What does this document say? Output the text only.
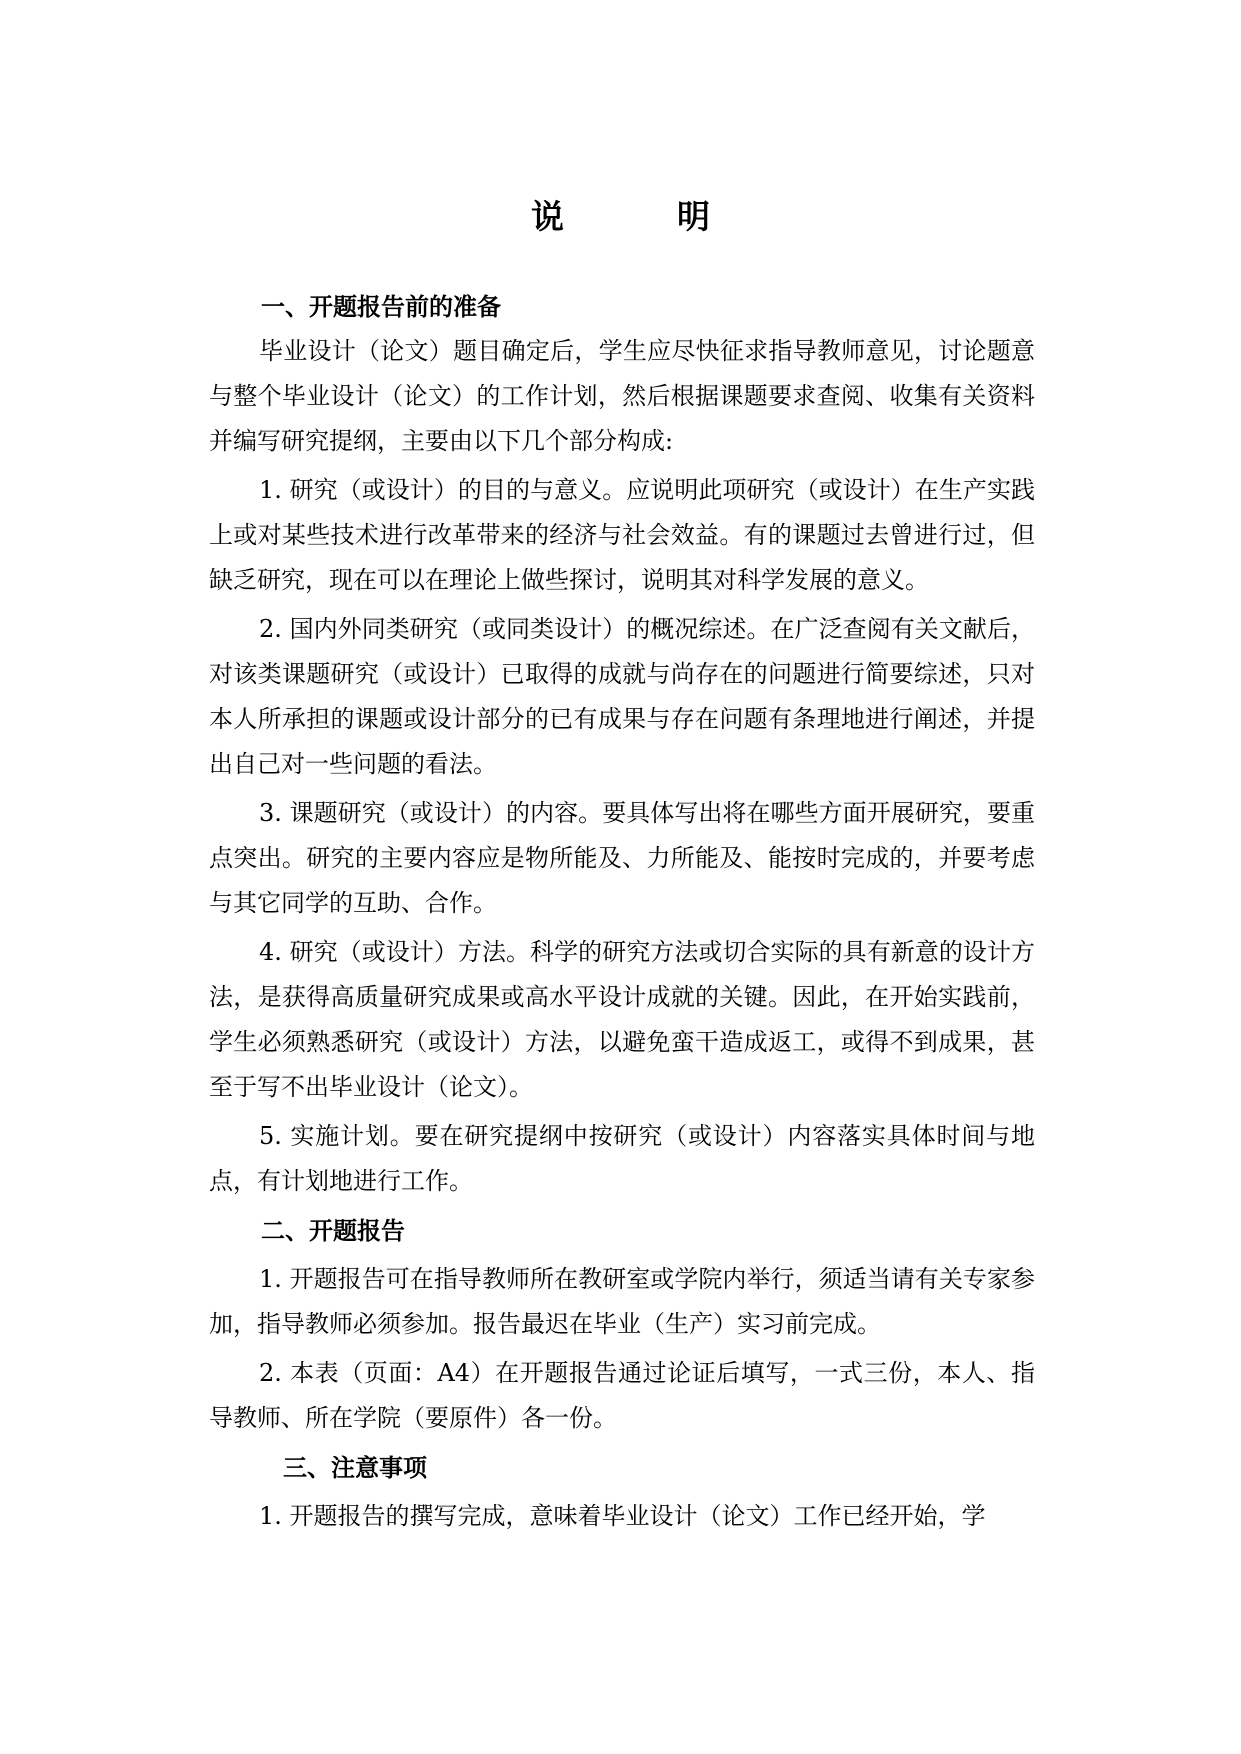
说　明

一、开题报告前的准备

毕业设计（论文）题目确定后，学生应尽快征求指导教师意见，讨论题意与整个毕业设计（论文）的工作计划，然后根据课题要求查阅、收集有关资料并编写研究提纲，主要由以下几个部分构成:

1. 研究（或设计）的目的与意义。应说明此项研究（或设计）在生产实践上或对某些技术进行改革带来的经济与社会效益。有的课题过去曾进行过，但缺乏研究，现在可以在理论上做些探讨，说明其对科学发展的意义。

2. 国内外同类研究（或同类设计）的概况综述。在广泛查阅有关文献后，对该类课题研究（或设计）已取得的成就与尚存在的问题进行简要综述，只对本人所承担的课题或设计部分的已有成果与存在问题有条理地进行阐述，并提出自己对一些问题的看法。

3. 课题研究（或设计）的内容。要具体写出将在哪些方面开展研究，要重点突出。研究的主要内容应是物所能及、力所能及、能按时完成的，并要考虑与其它同学的互助、合作。

4. 研究（或设计）方法。科学的研究方法或切合实际的具有新意的设计方法，是获得高质量研究成果或高水平设计成就的关键。因此，在开始实践前，学生必须熟悉研究（或设计）方法，以避免蛮干造成返工，或得不到成果，甚至于写不出毕业设计（论文）。

5. 实施计划。要在研究提纲中按研究（或设计）内容落实具体时间与地点，有计划地进行工作。

二、开题报告

1. 开题报告可在指导教师所在教研室或学院内举行，须适当请有关专家参加，指导教师必须参加。报告最迟在毕业（生产）实习前完成。

2. 本表（页面：A4）在开题报告通过论证后填写，一式三份，本人、指导教师、所在学院（要原件）各一份。

三、注意事项

1. 开题报告的撰写完成，意味着毕业设计（论文）工作已经开始，学
